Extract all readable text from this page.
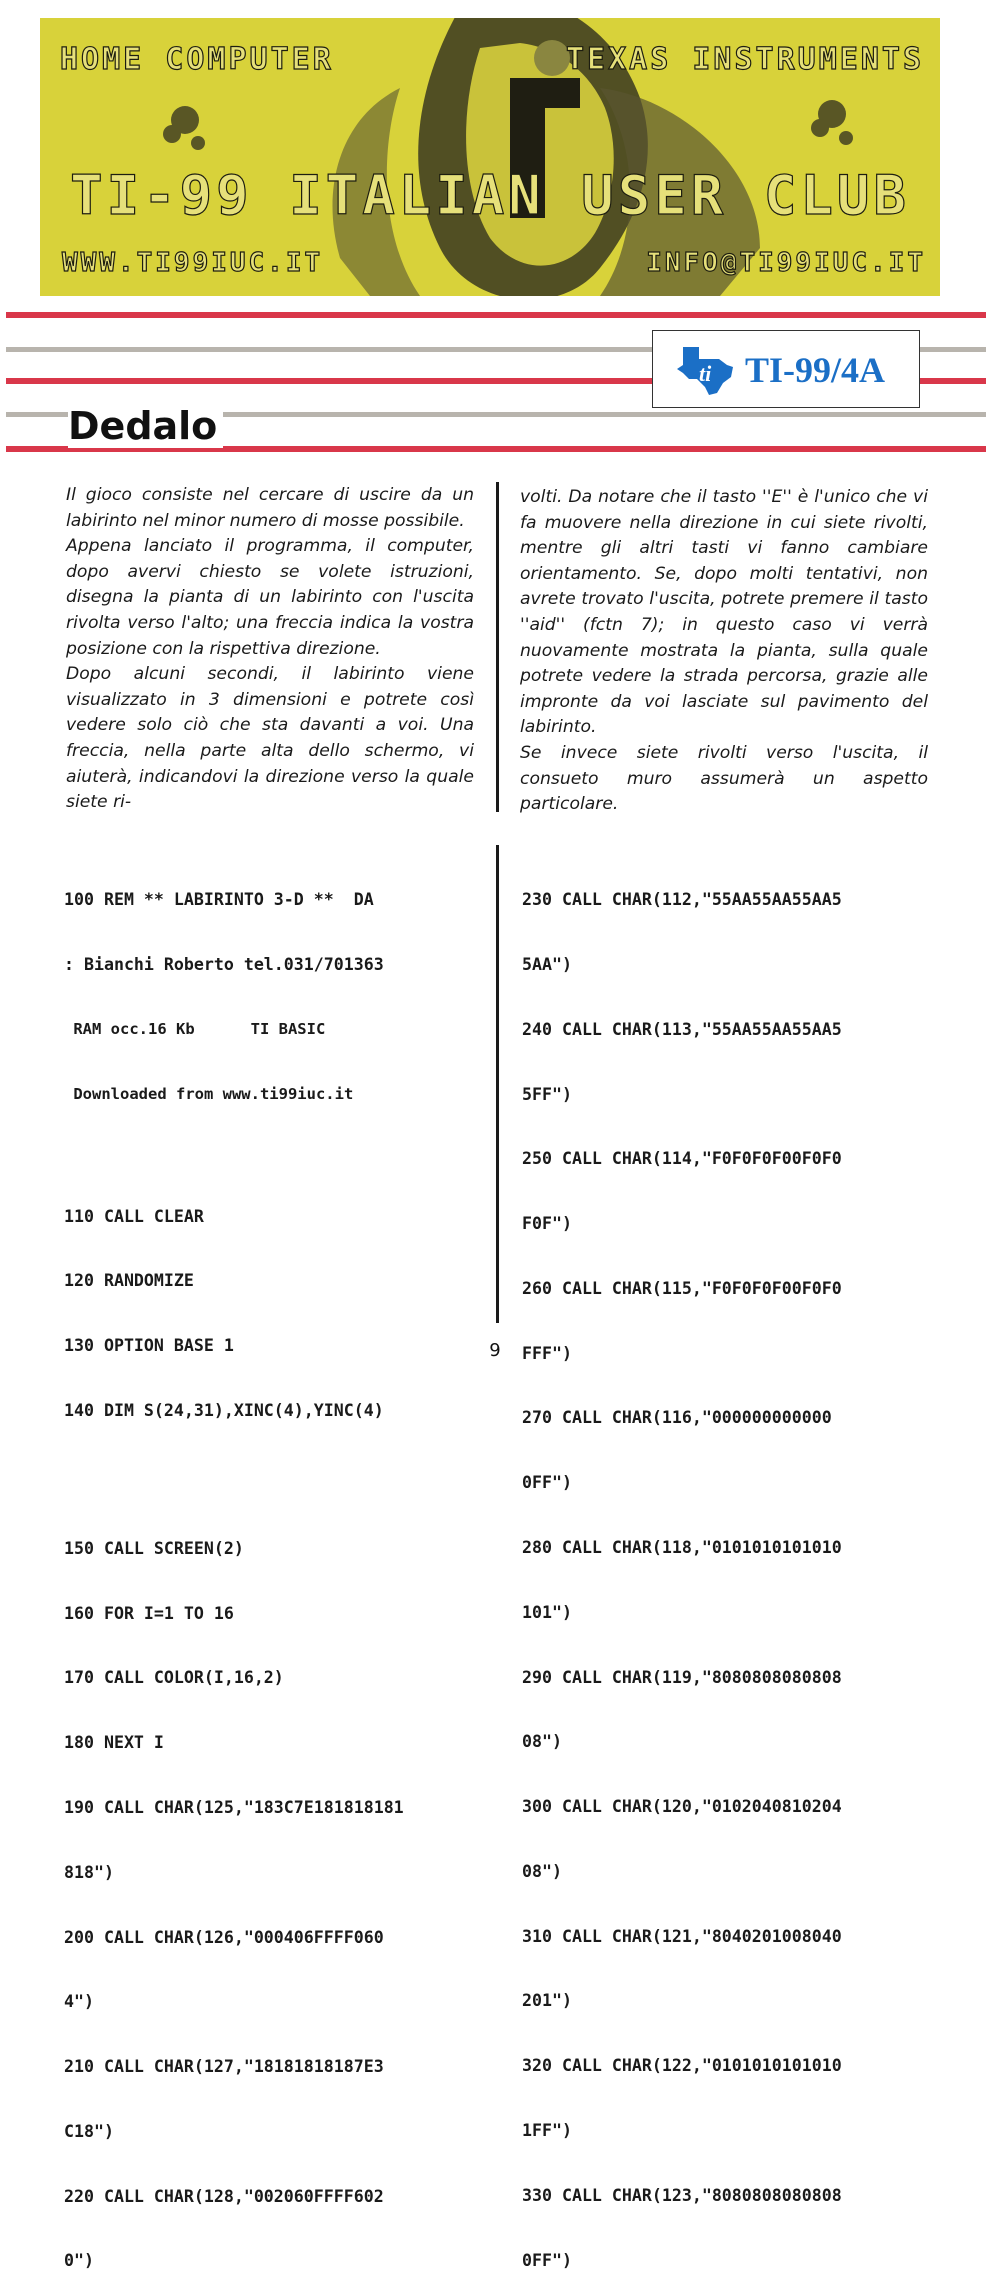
HOME COMPUTER	TEXAS INSTRUMENTS
TI-99 ITALIAN USER CLUB
WWW.TI99IUC.IT	INFO@TI99IUC.IT
ti TI-99/4A
Dedalo

Il gioco consiste nel cercare di uscire da un labirinto nel minor numero di mosse possibile.

Appena lanciato il programma, il computer, dopo avervi chiesto se volete istruzioni, disegna la pianta di un labirinto con l'uscita rivolta verso l'alto; una freccia indica la vostra posizione con la rispettiva direzione.

Dopo alcuni secondi, il labirinto viene visualizzato in 3 dimensioni e potrete così vedere solo ciò che sta davanti a voi. Una freccia, nella parte alta dello schermo, vi aiuterà, indicandovi la direzione verso la quale siete ri-

volti. Da notare che il tasto ''E'' è l'unico che vi fa muovere nella direzione in cui siete rivolti, mentre gli altri tasti vi fanno cambiare orientamento. Se, dopo molti tentativi, non avrete trovato l'uscita, potrete premere il tasto ''aid'' (fctn 7); in questo caso vi verrà nuovamente mostrata la pianta, sulla quale potrete vedere la strada percorsa, grazie alle impronte da voi lasciate sul pavimento del labirinto.

Se invece siete rivolti verso l'uscita, il consueto muro assumerà un aspetto particolare.

100 REM ** LABIRINTO 3-D **  DA

: Bianchi Roberto tel.031/701363

RAM occ.16 Kb      TI BASIC

Downloaded from www.ti99iuc.it

110 CALL CLEAR

120 RANDOMIZE

130 OPTION BASE 1

140 DIM S(24,31),XINC(4),YINC(4)

150 CALL SCREEN(2)

160 FOR I=1 TO 16

170 CALL COLOR(I,16,2)

180 NEXT I

190 CALL CHAR(125,"183C7E181818181

818")

200 CALL CHAR(126,"000406FFFF060

4")

210 CALL CHAR(127,"18181818187E3

C18")

220 CALL CHAR(128,"002060FFFF602

0")

230 CALL CHAR(112,"55AA55AA55AA5

5AA")

240 CALL CHAR(113,"55AA55AA55AA5

5FF")

250 CALL CHAR(114,"F0F0F0F00F0F0

F0F")

260 CALL CHAR(115,"F0F0F0F00F0F0

FFF")

270 CALL CHAR(116,"000000000000

0FF")

280 CALL CHAR(118,"0101010101010

101")

290 CALL CHAR(119,"8080808080808

08")

300 CALL CHAR(120,"0102040810204

08")

310 CALL CHAR(121,"8040201008040

201")

320 CALL CHAR(122,"0101010101010

1FF")

330 CALL CHAR(123,"8080808080808

0FF")

9
